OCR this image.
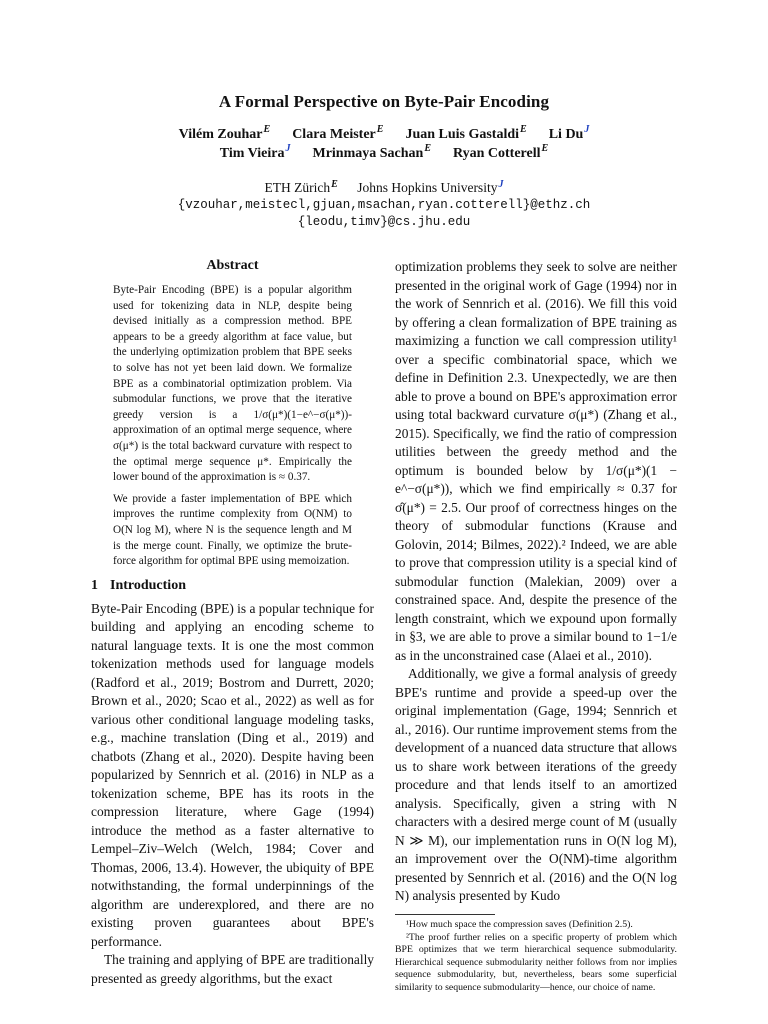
A Formal Perspective on Byte-Pair Encoding
Vilém Zouhar$^E$ Clara Meister$^E$ Juan Luis Gastaldi$^E$ Li Du$^J$
Tim Vieira$^J$ Mrinmaya Sachan$^E$ Ryan Cotterell$^E$
ETH Zürich$^E$ Johns Hopkins University$^J$
{vzouhar,meistecl,gjuan,msachan,ryan.cotterell}@ethz.ch
{leodu,timv}@cs.jhu.edu
Abstract

Byte-Pair Encoding (BPE) is a popular algorithm used for tokenizing data in NLP, despite being devised initially as a compression method. BPE appears to be a greedy algorithm at face value, but the underlying optimization problem that BPE seeks to solve has not yet been laid down. We formalize BPE as a combinatorial optimization problem. Via submodular functions, we prove that the iterative greedy version is a 1/σ(μ*)(1−e^−σ(μ*))-approximation of an optimal merge sequence, where σ(μ*) is the total backward curvature with respect to the optimal merge sequence μ*. Empirically the lower bound of the approximation is ≈ 0.37.

We provide a faster implementation of BPE which improves the runtime complexity from O(NM) to O(N log M), where N is the sequence length and M is the merge count. Finally, we optimize the brute-force algorithm for optimal BPE using memoization.

1 Introduction

Byte-Pair Encoding (BPE) is a popular technique for building and applying an encoding scheme to natural language texts. It is one the most common tokenization methods used for language models (Radford et al., 2019; Bostrom and Durrett, 2020; Brown et al., 2020; Scao et al., 2022) as well as for various other conditional language modeling tasks, e.g., machine translation (Ding et al., 2019) and chatbots (Zhang et al., 2020). Despite having been popularized by Sennrich et al. (2016) in NLP as a tokenization scheme, BPE has its roots in the compression literature, where Gage (1994) introduce the method as a faster alternative to Lempel–Ziv–Welch (Welch, 1984; Cover and Thomas, 2006, 13.4). However, the ubiquity of BPE notwithstanding, the formal underpinnings of the algorithm are underexplored, and there are no existing proven guarantees about BPE's performance.

The training and applying of BPE are traditionally presented as greedy algorithms, but the exact

optimization problems they seek to solve are neither presented in the original work of Gage (1994) nor in the work of Sennrich et al. (2016). We fill this void by offering a clean formalization of BPE training as maximizing a function we call compression utility¹ over a specific combinatorial space, which we define in Definition 2.3. Unexpectedly, we are then able to prove a bound on BPE's approximation error using total backward curvature σ(μ*) (Zhang et al., 2015). Specifically, we find the ratio of compression utilities between the greedy method and the optimum is bounded below by 1/σ(μ*)(1 − e^−σ(μ*)), which we find empirically ≈ 0.37 for σ̂(μ*) = 2.5. Our proof of correctness hinges on the theory of submodular functions (Krause and Golovin, 2014; Bilmes, 2022).² Indeed, we are able to prove that compression utility is a special kind of submodular function (Malekian, 2009) over a constrained space. And, despite the presence of the length constraint, which we expound upon formally in §3, we are able to prove a similar bound to 1−1/e as in the unconstrained case (Alaei et al., 2010).

Additionally, we give a formal analysis of greedy BPE's runtime and provide a speed-up over the original implementation (Gage, 1994; Sennrich et al., 2016). Our runtime improvement stems from the development of a nuanced data structure that allows us to share work between iterations of the greedy procedure and that lends itself to an amortized analysis. Specifically, given a string with N characters with a desired merge count of M (usually N ≫ M), our implementation runs in O(N log M), an improvement over the O(NM)-time algorithm presented by Sennrich et al. (2016) and the O(N log N) analysis presented by Kudo

¹How much space the compression saves (Definition 2.5).

²The proof further relies on a specific property of problem which BPE optimizes that we term hierarchical sequence submodularity. Hierarchical sequence submodularity neither follows from nor implies sequence submodularity, but, nevertheless, bears some superficial similarity to sequence submodularity—hence, our choice of name.
